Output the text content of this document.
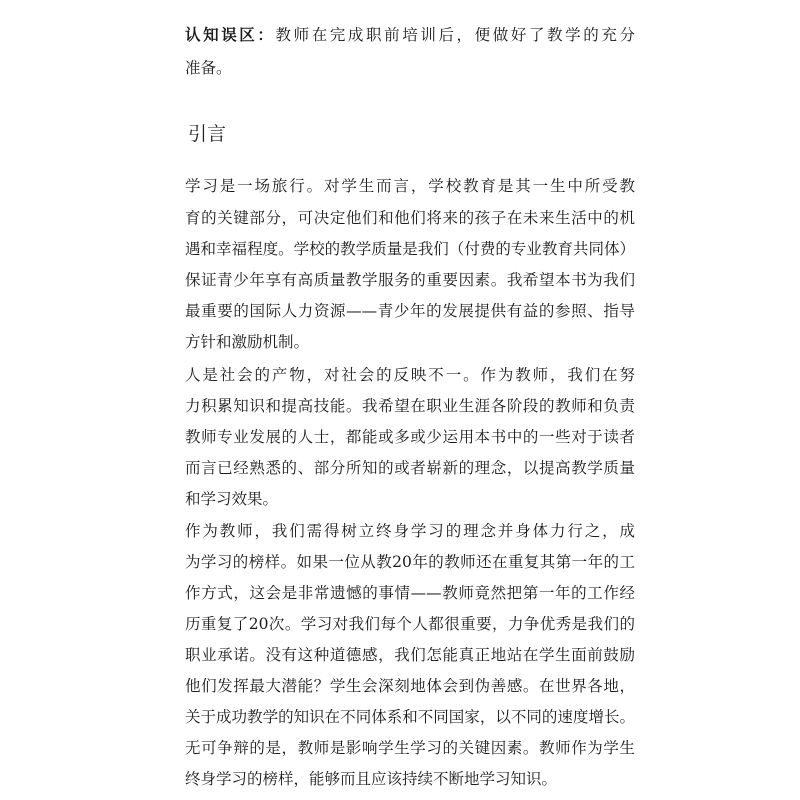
认知误区：教师在完成职前培训后，便做好了教学的充分
准备。
引言
学习是一场旅行。对学生而言，学校教育是其一生中所受教
育的关键部分，可决定他们和他们将来的孩子在未来生活中的机
遇和幸福程度。学校的教学质量是我们（付费的专业教育共同体）
保证青少年享有高质量教学服务的重要因素。我希望本书为我们
最重要的国际人力资源——青少年的发展提供有益的参照、指导
方针和激励机制。
人是社会的产物，对社会的反映不一。作为教师，我们在努
力积累知识和提高技能。我希望在职业生涯各阶段的教师和负责
教师专业发展的人士，都能或多或少运用本书中的一些对于读者
而言已经熟悉的、部分所知的或者崭新的理念，以提高教学质量
和学习效果。
作为教师，我们需得树立终身学习的理念并身体力行之，成
为学习的榜样。如果一位从教20年的教师还在重复其第一年的工
作方式，这会是非常遗憾的事情——教师竟然把第一年的工作经
历重复了20次。学习对我们每个人都很重要，力争优秀是我们的
职业承诺。没有这种道德感，我们怎能真正地站在学生面前鼓励
他们发挥最大潜能？学生会深刻地体会到伪善感。在世界各地，
关于成功教学的知识在不同体系和不同国家，以不同的速度增长。
无可争辩的是，教师是影响学生学习的关键因素。教师作为学生
终身学习的榜样，能够而且应该持续不断地学习知识。
